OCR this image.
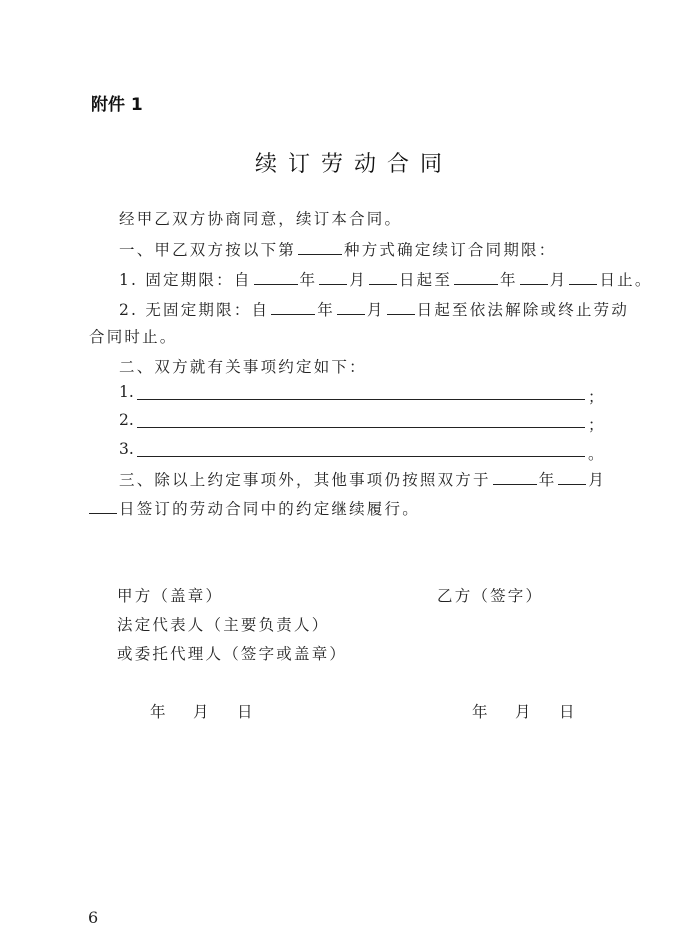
附件 1
续订劳动合同
经甲乙双方协商同意，续订本合同。
一、甲乙双方按以下第	种方式确定续订合同期限：
1. 固定期限：自	年 月 日起至	年 月 日止。
2. 无固定期限：自	年 月 日起至依法解除或终止劳动
合同时止。
二、双方就有关事项约定如下：
1.	；
2.	；
3.	。
三、除以上约定事项外，其他事项仍按照双方于	年 月
日签订的劳动合同中的约定继续履行。
甲方（盖章）	乙方（签字）
法定代表人（主要负责人）
或委托代理人（签字或盖章）
年 月 日	年 月 日
6
